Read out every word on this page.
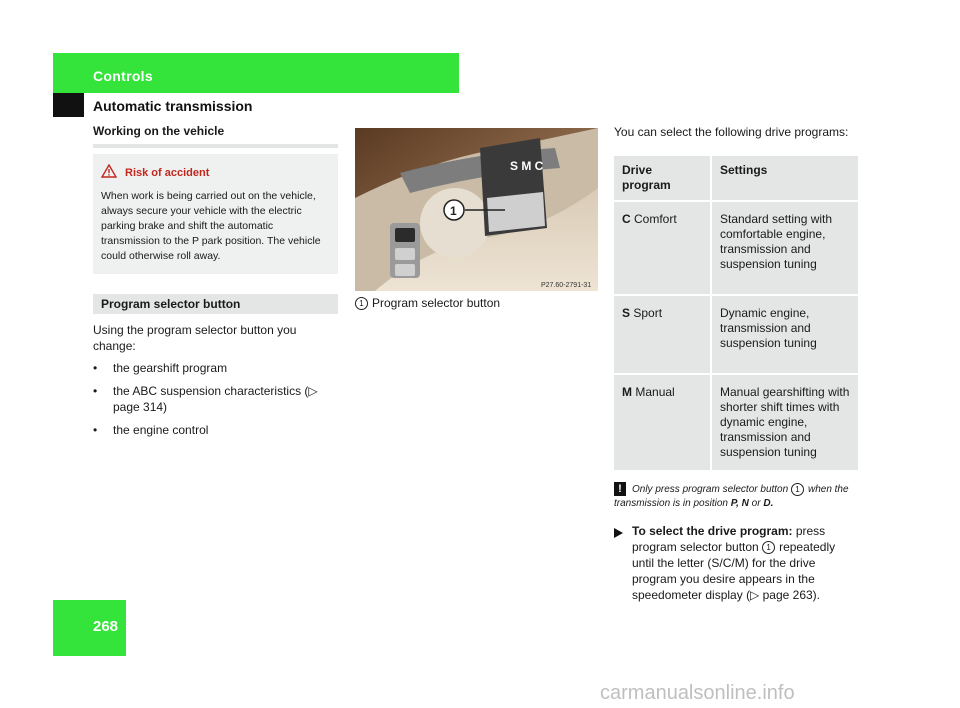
Controls
Automatic transmission
268
Working on the vehicle
Risk of accident
When work is being carried out on the vehicle, always secure your vehicle with the electric parking brake and shift the automatic transmission to the P park position. The vehicle could otherwise roll away.
Program selector button
Using the program selector button you change:
•	the gearshift program
•	the ABC suspension characteristics (▷ page 314)
•	the engine control
S M C
1
P27.60-2791-31
1 Program selector button
You can select the following drive programs:
Drive program	Settings
C Comfort	Standard setting with comfortable engine, transmission and suspension tuning
S Sport	Dynamic engine, transmission and suspension tuning
M Manual	Manual gearshifting with shorter shift times with dynamic engine, transmission and suspension tuning
! Only press program selector button 1 when the transmission is in position P, N or D.
To select the drive program: press program selector button 1 repeatedly until the letter (S/C/M) for the drive program you desire appears in the speedometer display (▷ page 263).
carmanualsonline.info
